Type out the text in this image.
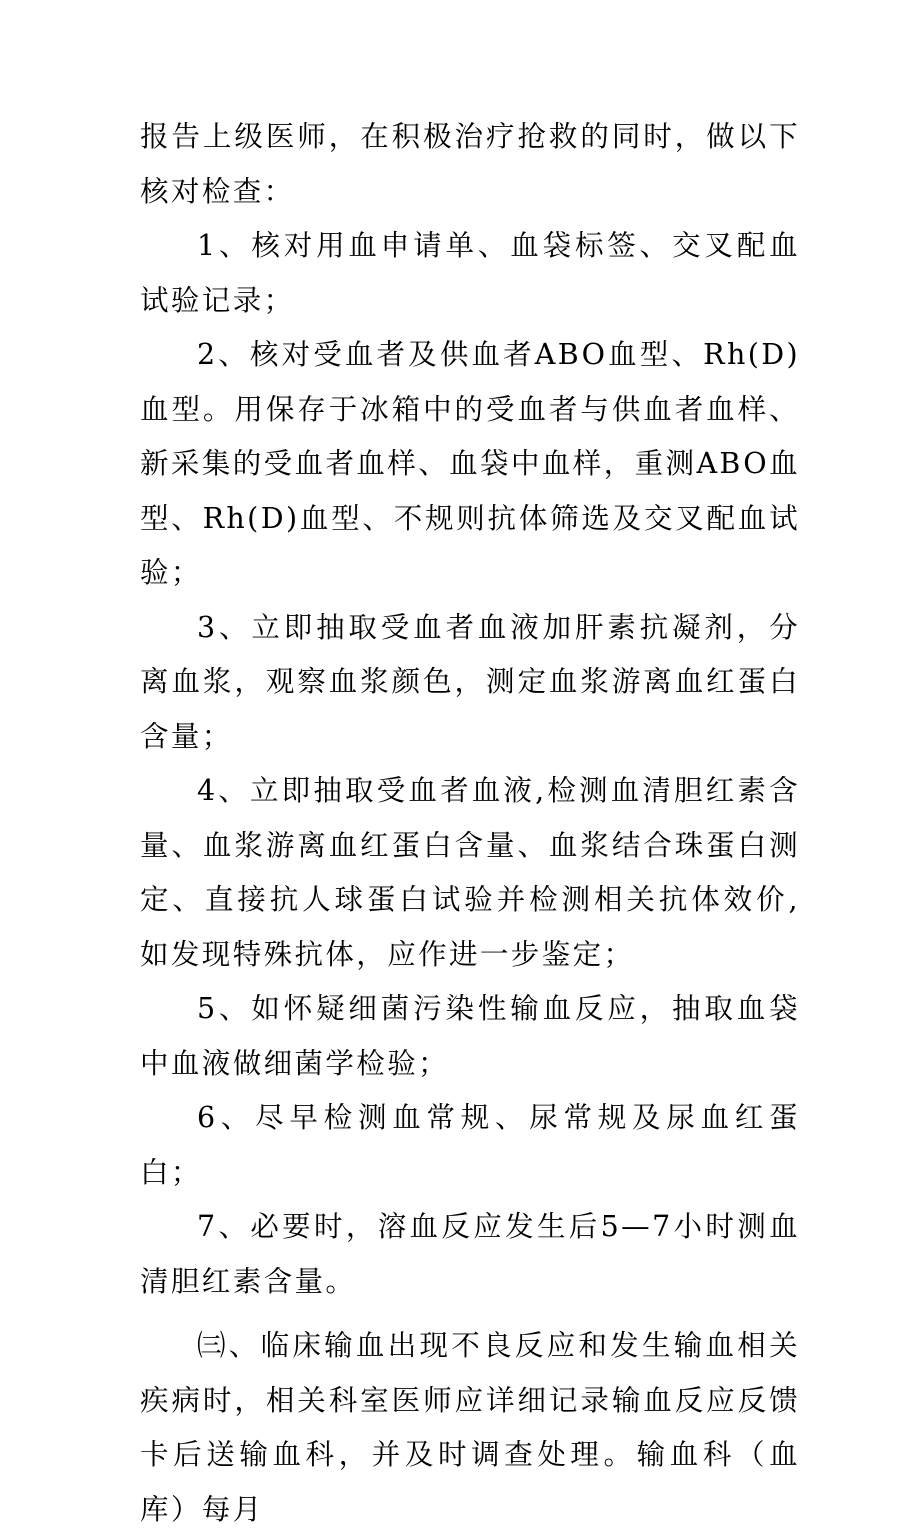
报告上级医师，在积极治疗抢救的同时，做以下核对检查：

1、核对用血申请单、血袋标签、交叉配血试验记录；

2、核对受血者及供血者ABO血型、Rh(D)血型。用保存于冰箱中的受血者与供血者血样、新采集的受血者血样、血袋中血样，重测ABO血型、Rh(D)血型、不规则抗体筛选及交叉配血试验；

3、立即抽取受血者血液加肝素抗凝剂，分离血浆，观察血浆颜色，测定血浆游离血红蛋白含量；

4、立即抽取受血者血液,检测血清胆红素含量、血浆游离血红蛋白含量、血浆结合珠蛋白测定、直接抗人球蛋白试验并检测相关抗体效价,如发现特殊抗体，应作进一步鉴定；

5、如怀疑细菌污染性输血反应，抽取血袋中血液做细菌学检验；

6、尽早检测血常规、尿常规及尿血红蛋白；

7、必要时，溶血反应发生后5—7小时测血清胆红素含量。

㈢、临床输血出现不良反应和发生输血相关疾病时，相关科室医师应详细记录输血反应反馈卡后送输血科，并及时调查处理。输血科（血库）每月
